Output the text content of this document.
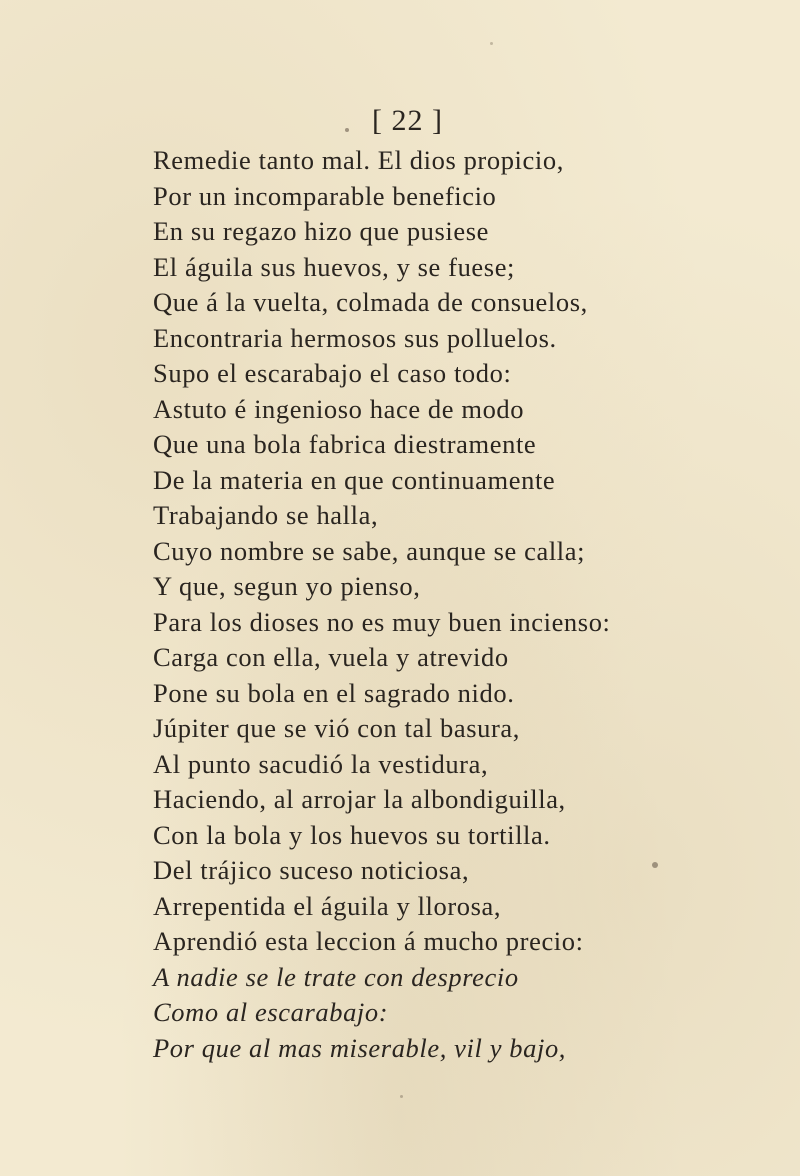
[ 22 ]
Remedie tanto mal. El dios propicio,
Por un incomparable beneficio
En su regazo hizo que pusiese
El águila sus huevos, y se fuese;
Que á la vuelta, colmada de consuelos,
Encontraria hermosos sus polluelos.
Supo el escarabajo el caso todo:
Astuto é ingenioso hace de modo
Que una bola fabrica diestramente
De la materia en que continuamente
Trabajando se halla,
Cuyo nombre se sabe, aunque se calla;
Y que, segun yo pienso,
Para los dioses no es muy buen incienso:
Carga con ella, vuela y atrevido
Pone su bola en el sagrado nido.
Júpiter que se vió con tal basura,
Al punto sacudió la vestidura,
Haciendo, al arrojar la albondiguilla,
Con la bola y los huevos su tortilla.
Del trájico suceso noticiosa,
Arrepentida el águila y llorosa,
Aprendió esta leccion á mucho precio:
A nadie se le trate con desprecio
Como al escarabajo:
Por que al mas miserable, vil y bajo,
